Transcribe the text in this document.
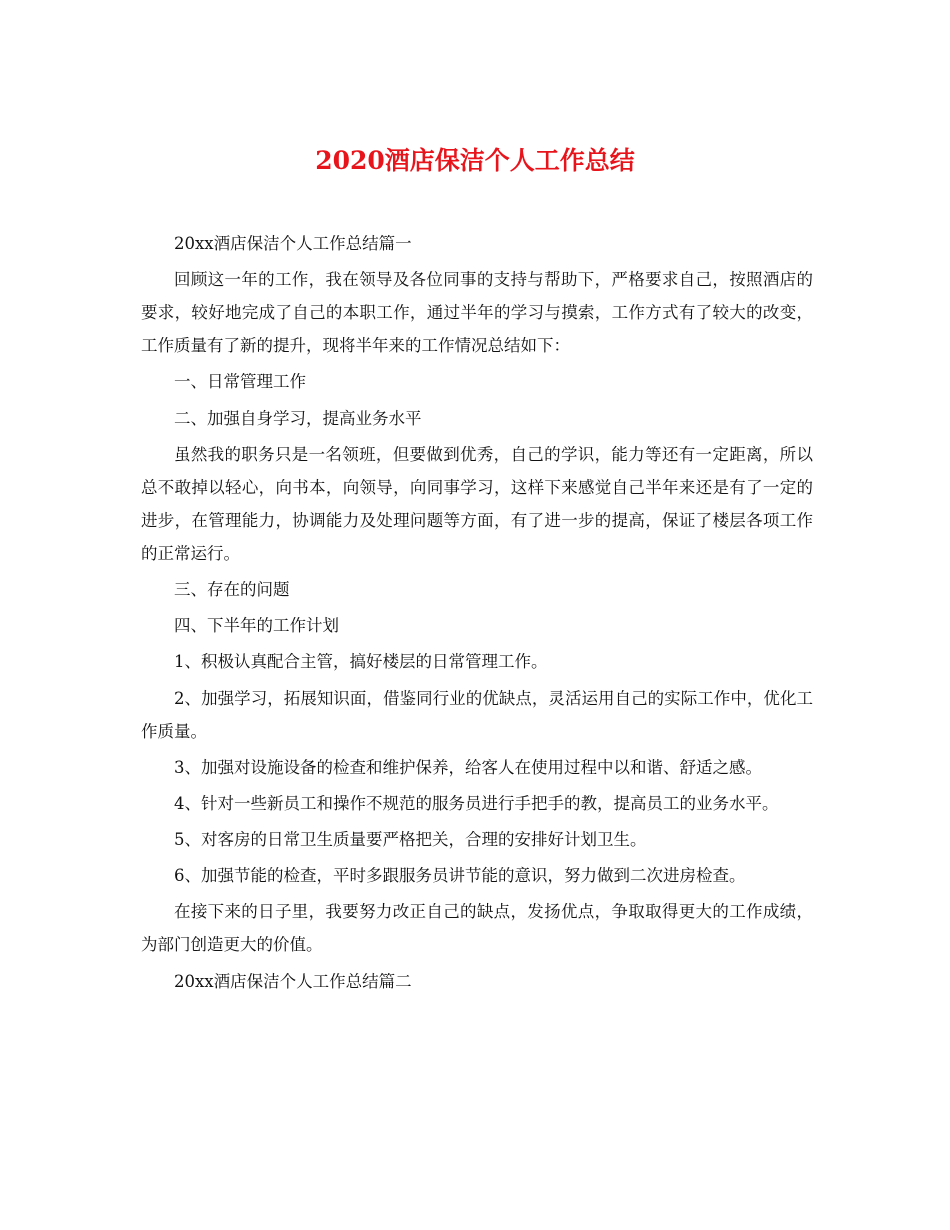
2020酒店保洁个人工作总结

20xx酒店保洁个人工作总结篇一

回顾这一年的工作，我在领导及各位同事的支持与帮助下，严格要求自己，按照酒店的要求，较好地完成了自己的本职工作，通过半年的学习与摸索，工作方式有了较大的改变，工作质量有了新的提升，现将半年来的工作情况总结如下：

一、日常管理工作

二、加强自身学习，提高业务水平

虽然我的职务只是一名领班，但要做到优秀，自己的学识，能力等还有一定距离，所以总不敢掉以轻心，向书本，向领导，向同事学习，这样下来感觉自己半年来还是有了一定的进步，在管理能力，协调能力及处理问题等方面，有了进一步的提高，保证了楼层各项工作的正常运行。

三、存在的问题

四、下半年的工作计划

1、积极认真配合主管，搞好楼层的日常管理工作。

2、加强学习，拓展知识面，借鉴同行业的优缺点，灵活运用自己的实际工作中，优化工作质量。

3、加强对设施设备的检查和维护保养，给客人在使用过程中以和谐、舒适之感。

4、针对一些新员工和操作不规范的服务员进行手把手的教，提高员工的业务水平。

5、对客房的日常卫生质量要严格把关，合理的安排好计划卫生。

6、加强节能的检查，平时多跟服务员讲节能的意识，努力做到二次进房检查。

在接下来的日子里，我要努力改正自己的缺点，发扬优点，争取取得更大的工作成绩，为部门创造更大的价值。

20xx酒店保洁个人工作总结篇二
